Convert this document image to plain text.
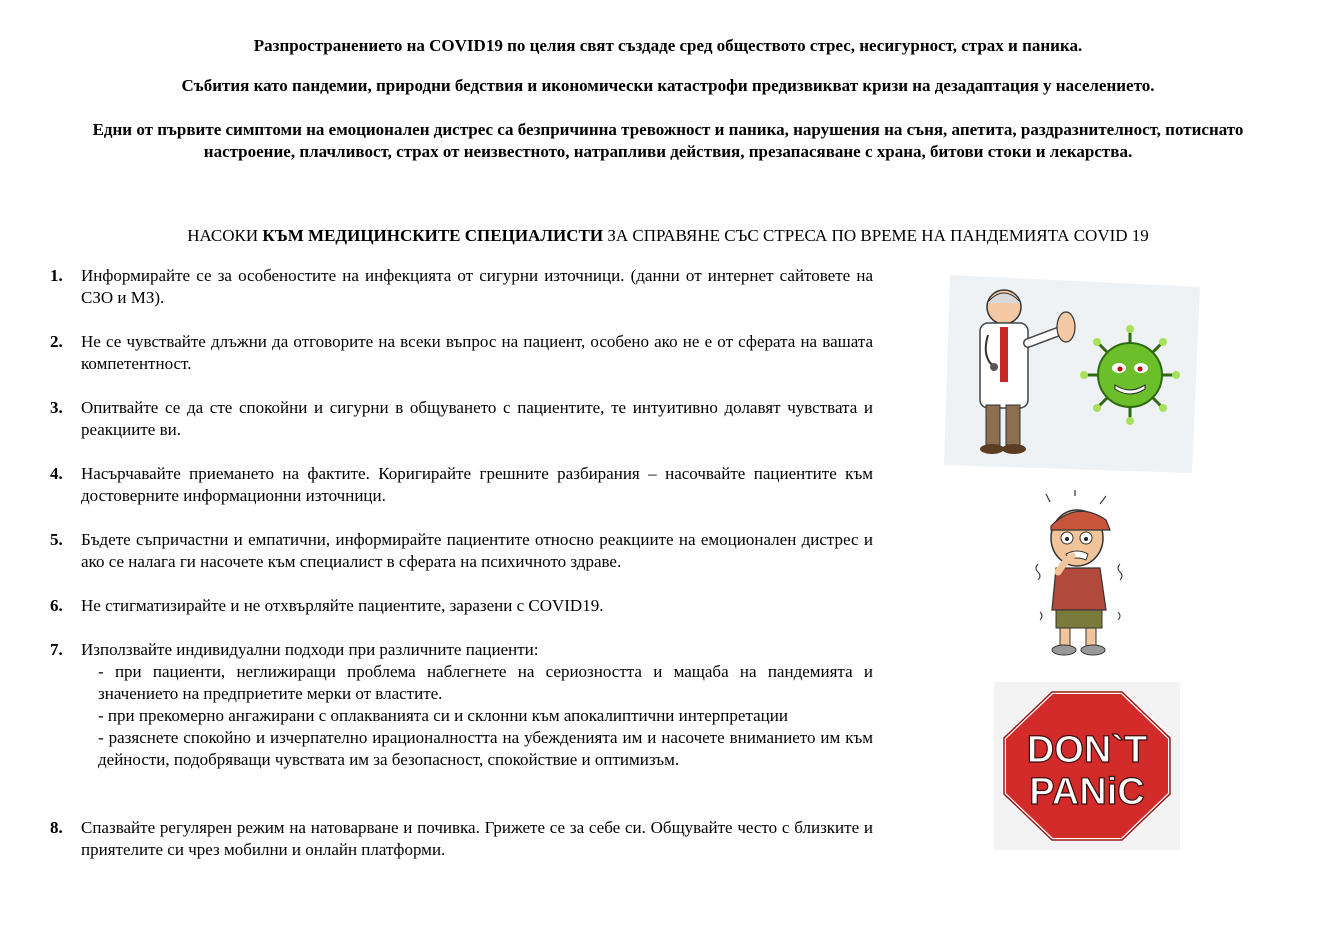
Разпространението на COVID19 по целия свят създаде сред обществото стрес, несигурност, страх и паника.

Събития като пандемии, природни бедствия и икономически катастрофи предизвикват кризи на дезадаптация у населението.

Едни от първите симптоми на емоционален дистрес са безпричинна тревожност и паника, нарушения на съня, апетита, раздразнителност, потиснато настроение, плачливост, страх от неизвестното, натрапливи действия, презапасяване с храна, битови стоки и лекарства.

НАСОКИ КЪМ МЕДИЦИНСКИТЕ СПЕЦИАЛИСТИ ЗА СПРАВЯНЕ СЪС СТРЕСА ПО ВРЕМЕ НА ПАНДЕМИЯТА COVID 19
1.	Информирайте се за особеностите на инфекцията от сигурни източници. (данни от интернет сайтовете на СЗО и МЗ).
2.	Не се чувствайте длъжни да отговорите на всеки въпрос на пациент, особено ако не е от сферата на вашата компетентност.
3.	Опитвайте се да сте спокойни и сигурни в общуването с пациентите, те интуитивно долавят чувствата и реакциите ви.
4.	Насърчавайте приемането на фактите. Коригирайте грешните разбирания – насочвайте пациентите към достоверните информационни източници.
5.	Бъдете съпричастни и емпатични, информирайте пациентите относно реакциите на емоционален дистрес и ако се налага ги насочете към специалист в сферата на психичното здраве.
6.	Не стигматизирайте и не отхвърляйте пациентите, заразени с COVID19.
7.	Използвайте индивидуални подходи при различните пациенти:
- при пациенти, неглижиращи проблема наблегнете на сериозността и мащаба на пандемията и значението на предприетите мерки от властите.
- при прекомерно ангажирани с оплакванията си и склонни към апокалиптични интерпретации
- разяснете спокойно и изчерпателно ирационалността на убежденията им и насочете вниманието им към дейности, подобряващи чувствата им за безопасност, спокойствие и оптимизъм.
8.	Спазвайте регулярен режим на натоварване и почивка. Грижете се за себе си. Общувайте често с близките и приятелите си чрез мобилни и онлайн платформи.
DON`T
PANiC
